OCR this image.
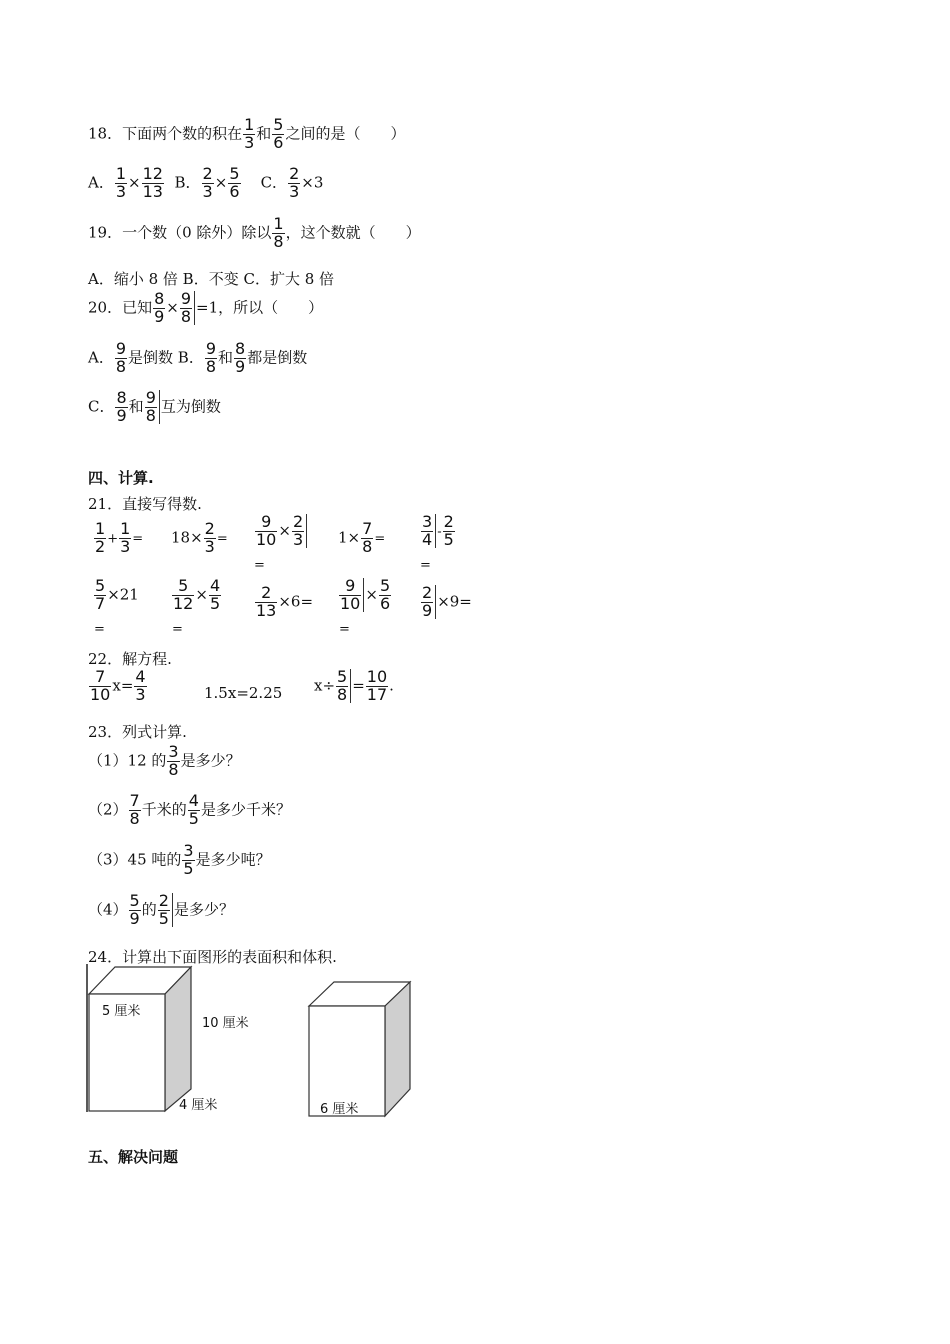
18．下面两个数的积在 $\frac{1}{3}$ 和 $\frac{5}{6}$ 之间的是（　　）
A． $\frac{1}{3} \times \frac{12}{13}$ B． $\frac{2}{3} \times \frac{5}{6}$ C． $\frac{2}{3} \times 3$
19．一个数（0 除外）除以 $\frac{1}{8}$ ，这个数就（　　）
A．缩小 8 倍 B．不变 C．扩大 8 倍
20．已知 $\frac{8}{9} \times \frac{9}{8} =1$，所以（　　）
A． $\frac{9}{8}$ 是倒数 B． $\frac{9}{8}$ 和 $\frac{8}{9}$ 都是倒数
C． $\frac{8}{9}$ 和 $\frac{9}{8}$ 互为倒数
四、计算.
21．直接写得数.
$\frac{1}{2} + \frac{1}{3} = 18\times \frac{2}{3} = \frac{9}{10} \times \frac{2}{3}$
=
$1\times \frac{7}{8} = \frac{3}{4} - \frac{2}{5}$
=
$\frac{5}{7} \times 21$
=
$\frac{5}{12} \times \frac{4}{5}$
=
$\frac{2}{13} \times 6= \frac{9}{10} \times \frac{5}{6}$
=
$\frac{2}{9} \times 9=$
22．解方程.
$\frac{7}{10} x= \frac{4}{3}$	1.5x=2.25 $x\div \frac{5}{8} = \frac{10}{17}$ .
23．列式计算.
（1）12 的 $\frac{3}{8}$ 是多少？
$(2) \frac{7}{8}$ 千米的 $\frac{4}{5}$ 是多少千米？
（3）45 吨的 $\frac{3}{5}$ 是多少吨？
$(4) \frac{5}{9}$ 的 $\frac{2}{5}$ 是多少？
24．计算出下面图形的表面积和体积.
5 厘米
10 厘米
4 厘米	6 厘米
五、解决问题
